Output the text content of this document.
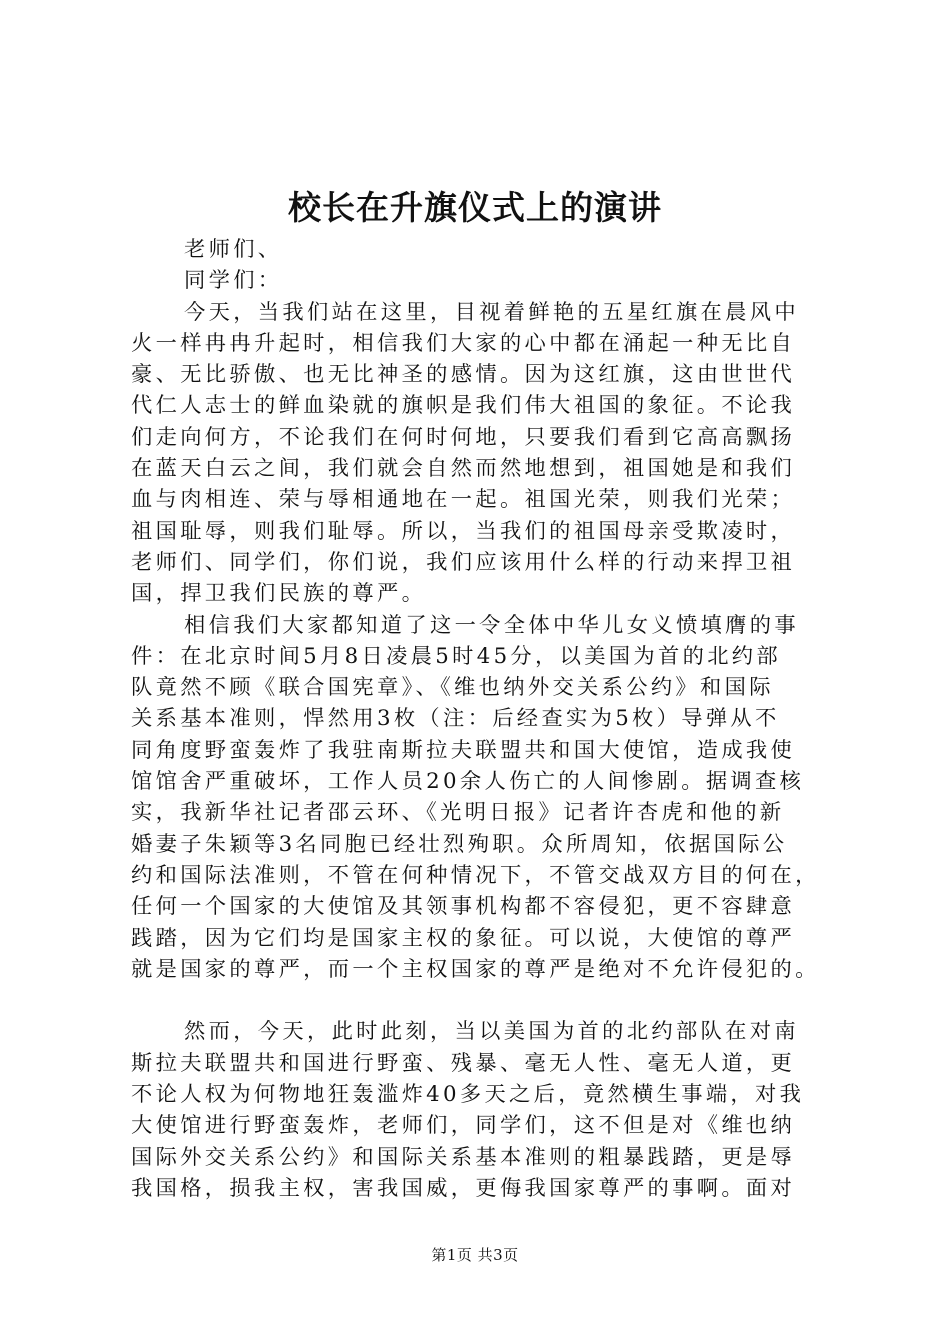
校长在升旗仪式上的演讲
老师们、
同学们：
今天，当我们站在这里，目视着鲜艳的五星红旗在晨风中
火一样冉冉升起时，相信我们大家的心中都在涌起一种无比自
豪、无比骄傲、也无比神圣的感情。因为这红旗，这由世世代
代仁人志士的鲜血染就的旗帜是我们伟大祖国的象征。不论我
们走向何方，不论我们在何时何地，只要我们看到它高高飘扬
在蓝天白云之间，我们就会自然而然地想到，祖国她是和我们
血与肉相连、荣与辱相通地在一起。祖国光荣，则我们光荣；
祖国耻辱，则我们耻辱。所以，当我们的祖国母亲受欺凌时，
老师们、同学们，你们说，我们应该用什么样的行动来捍卫祖
国，捍卫我们民族的尊严。
相信我们大家都知道了这一令全体中华儿女义愤填膺的事
件：在北京时间5月8日凌晨5时45分，以美国为首的北约部
队竟然不顾《联合国宪章》、《维也纳外交关系公约》和国际
关系基本准则，悍然用3枚（注：后经查实为5枚）导弹从不
同角度野蛮轰炸了我驻南斯拉夫联盟共和国大使馆，造成我使
馆馆舍严重破坏，工作人员20余人伤亡的人间惨剧。据调查核
实，我新华社记者邵云环、《光明日报》记者许杏虎和他的新
婚妻子朱颖等3名同胞已经壮烈殉职。众所周知，依据国际公
约和国际法准则，不管在何种情况下，不管交战双方目的何在，
任何一个国家的大使馆及其领事机构都不容侵犯，更不容肆意
践踏，因为它们均是国家主权的象征。可以说，大使馆的尊严
就是国家的尊严，而一个主权国家的尊严是绝对不允许侵犯的。
然而，今天，此时此刻，当以美国为首的北约部队在对南
斯拉夫联盟共和国进行野蛮、残暴、毫无人性、毫无人道，更
不论人权为何物地狂轰滥炸40多天之后，竟然横生事端，对我
大使馆进行野蛮轰炸，老师们，同学们，这不但是对《维也纳
国际外交关系公约》和国际关系基本准则的粗暴践踏，更是辱
我国格，损我主权，害我国威，更侮我国家尊严的事啊。面对
第1页 共3页
